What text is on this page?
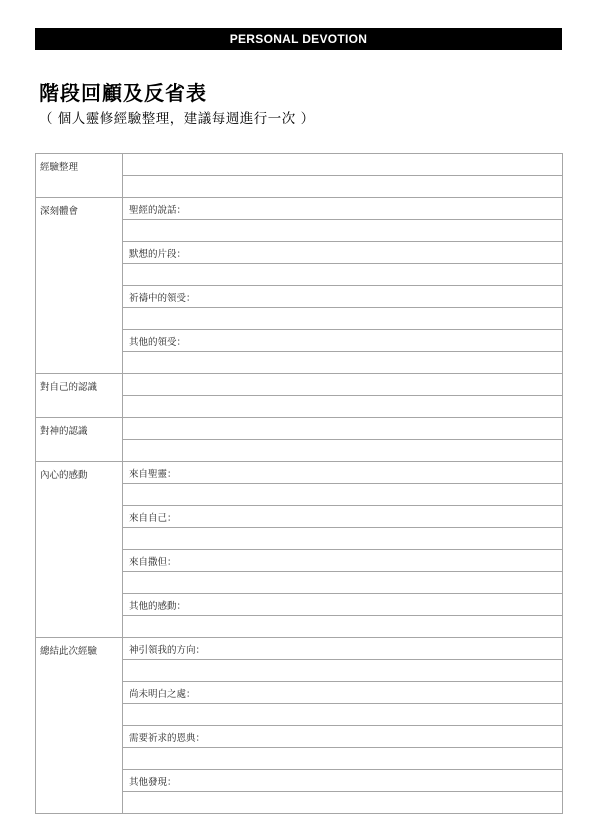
PERSONAL DEVOTION
階段回顧及反省表
（ 個人靈修經驗整理，建議每週進行一次 ）
經驗整理	

深刻體會	聖經的說話：

	默想的片段：

	祈禱中的領受：

	其他的領受：

對自己的認識	

對神的認識	

內心的感動	來自聖靈：

	來自自己：

	來自撒但：

	其他的感動：

總結此次經驗	神引領我的方向：

	尚未明白之處：

	需要祈求的恩典：

	其他發現：
